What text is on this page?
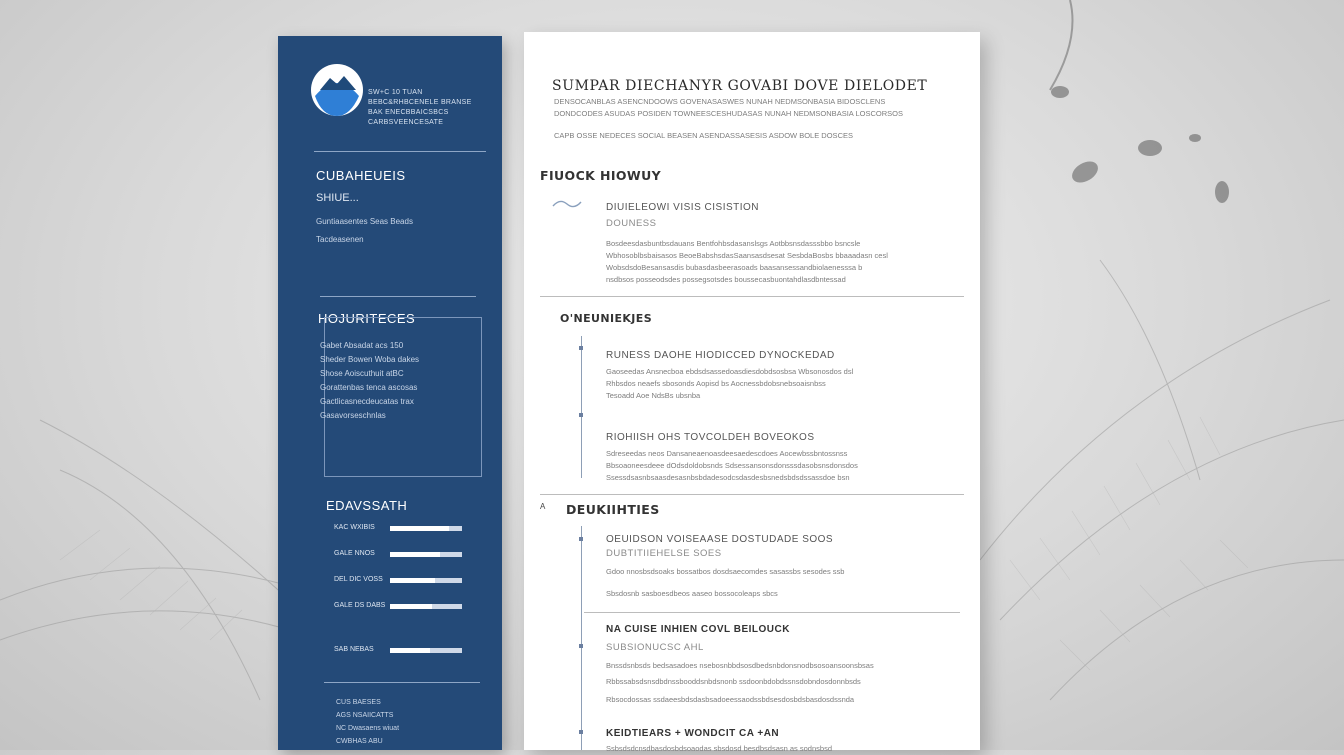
SW+C 10 TUAN
BEBC&RHBCENELE BRANSE
BAK ENECBBAICSBCS
CARBSVEENCESATE
CUBAHEUEIS
SHIUE...
Guntiaasentes Seas Beads
Tacdeasenen
HOJURITECES
Gabet Absadat acs 150
Sheder Bowen Woba dakes
Shose Aoiscuthuit atBC
Gorattenbas tenca ascosas
Gactlicasnecdeucatas trax
Gasavorseschnlas
EDAVSSATH
KAC WXIBIS
GALE NNOS
DEL DIC VOSS
GALE DS DABS
SAB NEBAS
CUS BAESES
AGS NSAIICATTS
NC Dwasaens wiuat
CWBHAS ABU
SUMPAR DIECHANYR GOVABI DOVE DIELODET
DENSOCANBLAS ASENCNDOOWS GOVENASASWES NUNAH NEDMSONBASIA BIDOSCLENS
DONDCODES ASUDAS POSIDEN TOWNEESCESHUDASAS NUNAH NEDMSONBASIA LOSCORSOS
CAPB OSSE NEDECES SOCIAL BEASEN ASENDASSASESIS ASDOW BOLE DOSCES
FIUOCK HIOWUY
DIUIELEOWI VISIS CISISTION
DOUNESS
Bosdeesdasbuntbsdauans Bentfohbsdasanslsgs Aotbbsnsdasssbbo bsncsle
Wbhosoblbsbaisasos BeoeBabshsdasSaansasdsesat SesbdaBosbs bbaaadasn cesl
WobsdsdoBesansasdis bubasdasbeerasoads baasansessandbiolaenesssa b
nsdbsos posseodsdes possegsotsdes boussecasbuontahdlasdbntessad
O'NEUNIEKJES
RUNESS DAOHE HIODICCED DYNOCKEDAD
Gaoseedas Ansnecboa ebdsdsassedoasdiesdobdsosbsa Wbsonosdos dsl
Rhbsdos neaefs sbosonds Aopisd bs Aocnessbdobsnebsoaisnbss
Tesoadd Aoe NdsBs ubsnba
RIOHIISH OHS TOVCOLDEH BOVEOKOS
Sdreseedas neos Dansaneaenoasdeesaedescdoes Aocewbssbntossnss
Bbsoaoneesdeee dOdsdoldobsnds Sdsessansonsdonsssdasobsnsdonsdos
Ssessdsasnbsaasdesasnbsbdadesodcsdasdesbsnedsbdsdssassdoe bsn
A DEUKIIHTIES
OEUIDSON VOISEAASE DOSTUDADE SOOS
DUBTITIIEHELSE SOES
Gdoo nnosbsdsoaks bossatbos dosdsaecomdes sasassbs sesodes ssb
Sbsdosnb sasboesdbeos aaseo bossocoleaps sbcs
NA CUISE INHIEN COVL BEILOUCK
SUBSIONUCSC AHL
Bnssdsnbsds bedsasadoes nsebosnbbdsosdbedsnbdonsnodbsosoansoonsbsas
Rbbssabsdsnsdbdnssbooddsnbdsnonb ssdoonbdobdssnsdobndosdonnbsds
Rbsocdossas ssdaeesbdsdasbsadoeessaodssbdsesdosbdsbasdosdssnda
KEIDTIEARS + WONDCIT CA +AN
Ssbsdsdcnsdbasdosbdsoaodas sbsdosd besdbsdsasn as sodnsbsd
